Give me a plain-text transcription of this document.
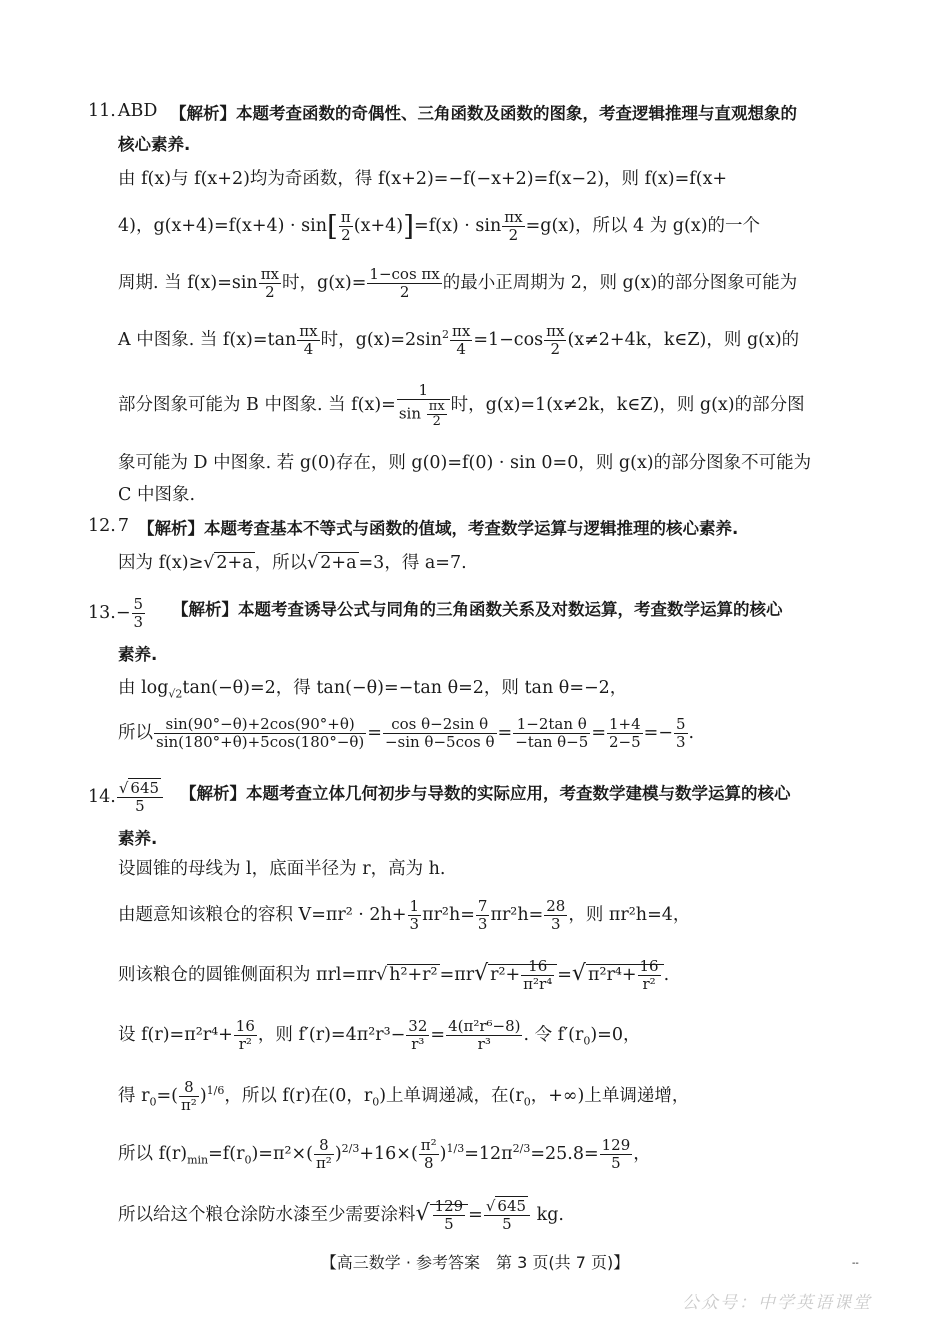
11. ABD 【解析】本题考查函数的奇偶性、三角函数及函数的图象，考查逻辑推理与直观想象的
核心素养.
由 f(x)与 f(x+2)均为奇函数，得 f(x+2)=−f(−x+2)=f(x−2)，则 f(x)=f(x+
4)，$g(x+4)=f(x+4) \cdot \sin[ \frac{\pi}{2} (x+4)]=f(x) \cdot \sin \frac{\pi x}{2} =g(x)$，所以 4 为 g(x)的一个
周期. 当 $f(x)=\sin \frac{\pi x}{2}$ 时，$g(x)= \frac{\text{1−cos πx}}{2}$ 的最小正周期为 2，则 g(x)的部分图象可能为
A 中图象. 当 $f(x)=\tan \frac{\pi x}{4}$ 时，$g(x)=2\sin^2 \frac{\pi x}{4} =1-\cos \frac{\pi x}{2} (x\ne 2+4k$，k∈Z)，则 g(x)的
部分图象可能为 B 中图象. 当 $f(x)= \frac{1}{\sin \frac{\pi x}{2}}$ 时，g(x)=1(x≠2k，k∈Z)，则 g(x)的部分图
象可能为 D 中图象. 若 g(0)存在，则 g(0)=f(0) · sin 0=0，则 g(x)的部分图象不可能为
C 中图象.
12. 7 【解析】本题考查基本不等式与函数的值域，考查数学运算与逻辑推理的核心素养.
因为 f(x)≥√ 2+a ，所以√ 2+a =3，得 a=7.
$13.- \frac{5}{3}$ 【解析】本题考查诱导公式与同角的三角函数关系及对数运算，考查数学运算的核心
素养.
由 $\log_{√2}\tan(-\theta)=2$，得 tan(−θ)=−tan θ=2，则 tan θ=−2，
所以 $\frac{\sin(90^\circ-\theta)+2\cos(90^\circ+\theta)}{\sin(180^\circ+\theta)+5\cos(180^\circ-\theta)} = \frac{\text{cos θ−2sin θ}}{\text{−sin θ−5cos θ}} = \frac{\text{1−2tan θ}}{\text{−tan θ−5}} = \frac{1+4}{2-5} =- \frac{5}{3}$ .
14. $\frac{√ 645}{5}$ 【解析】本题考查立体几何初步与导数的实际应用，考查数学建模与数学运算的核心
素养.
设圆锥的母线为 l，底面半径为 r，高为 h.
由题意知该粮仓的容积 $V=\pi r^2 \cdot 2h+ \frac{1}{3} \pi r^2h= \frac{7}{3} \pi r^2h= \frac{28}{3}$ ，则 πr²h=4，
则该粮仓的圆锥侧面积为 πrl=πr√ h²+r² =πr√ $r^2+ \frac{16}{\text{π²r⁴}}$ =√ $\pi^2r^4+ \frac{16}{\text{r²}}$ .
设 $f(r)=\pi^2r^4+ \frac{16}{\text{r²}}$ ，则 $f'(r)=4\pi^2r^3- \frac{32}{\text{r³}} = \frac{\text{4(π²r⁶−8)}}{\text{r³}}$ . 令 $f'(r_0)=0$，
得 $r_0=( \frac{8}{\text{π²}} )^{1/6}$，所以 f(r)在(0，$r_0$)上单调递减，在($r_0$，+∞)上单调递增，
所以 $f(r)_{min}=f(r_0)=\pi^2\times( \frac{8}{\text{π²}} )^{2/3}+16\times( \frac{\text{π²}}{8} )^{1/3}=12\pi^{2/3}=25.8= \frac{129}{5}$ ，
所以给这个粮仓涂防水漆至少需要涂料√ $\frac{129}{5} = \frac{√ 645}{5}$ kg.
【高三数学 · 参考答案　第 3 页(共 7 页)】	--
公众号：中学英语课堂
